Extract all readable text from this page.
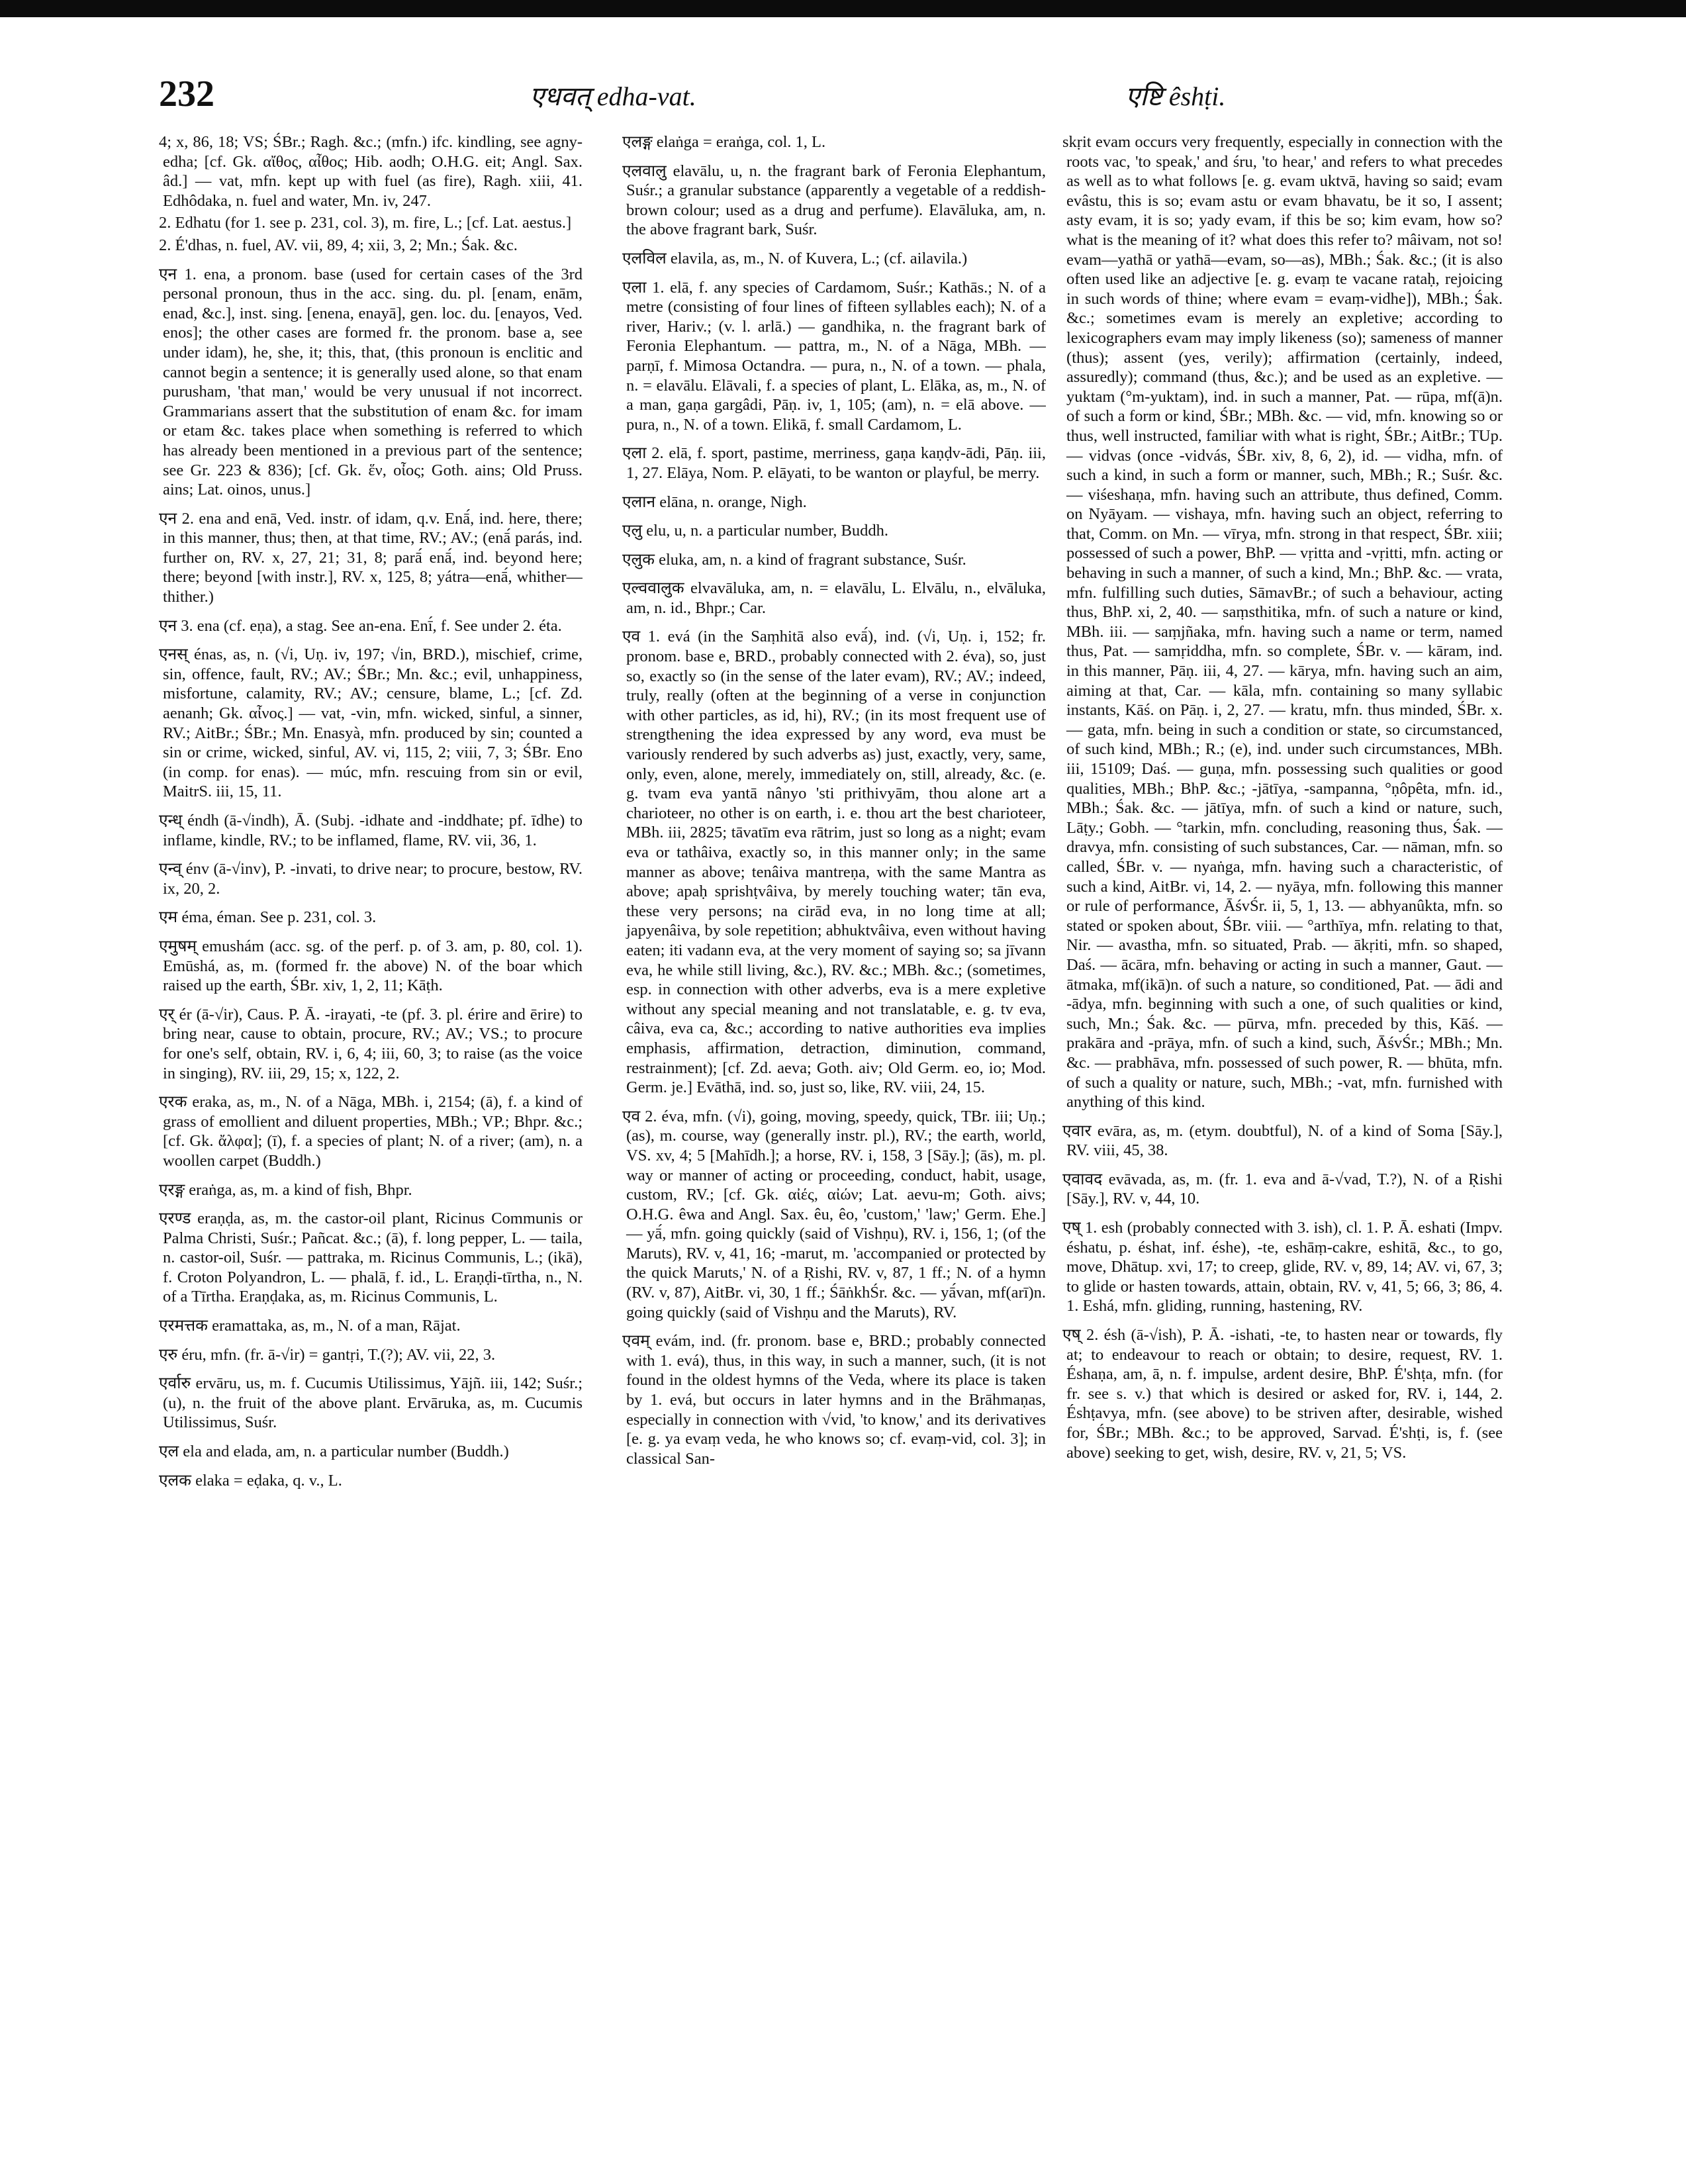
232	एधवत् edha-vat.	एष्टि êshṭi.

4; x, 86, 18; VS; ŚBr.; Ragh. &c.; (mfn.) ifc. kindling, see agny-edha; [cf. Gk. αἴθος, αἶθος; Hib. aodh; O.H.G. eit; Angl. Sax. âd.] — vat, mfn. kept up with fuel (as fire), Ragh. xiii, 41. Edhôdaka, n. fuel and water, Mn. iv, 247.

2. Edhatu (for 1. see p. 231, col. 3), m. fire, L.; [cf. Lat. aestus.]

2. É'dhas, n. fuel, AV. vii, 89, 4; xii, 3, 2; Mn.; Śak. &c.

एन 1. ena, a pronom. base (used for certain cases of the 3rd personal pronoun, thus in the acc. sing. du. pl. [enam, enām, enad, &c.], inst. sing. [enena, enayā], gen. loc. du. [enayos, Ved. enos]; the other cases are formed fr. the pronom. base a, see under idam), he, she, it; this, that, (this pronoun is enclitic and cannot begin a sentence; it is generally used alone, so that enam purusham, 'that man,' would be very unusual if not incorrect. Grammarians assert that the substitution of enam &c. for imam or etam &c. takes place when something is referred to which has already been mentioned in a previous part of the sentence; see Gr. 223 & 836); [cf. Gk. ἕν, οἶος; Goth. ains; Old Pruss. ains; Lat. oinos, unus.]

एन 2. ena and enā, Ved. instr. of idam, q.v. Enā́, ind. here, there; in this manner, thus; then, at that time, RV.; AV.; (enā́ parás, ind. further on, RV. x, 27, 21; 31, 8; parā́ enā́, ind. beyond here; there; beyond [with instr.], RV. x, 125, 8; yátra—enā́, whither—thither.)

एन 3. ena (cf. eṇa), a stag. See an-ena. Enī́, f. See under 2. éta.

एनस् énas, as, n. (√i, Uṇ. iv, 197; √in, BRD.), mischief, crime, sin, offence, fault, RV.; AV.; ŚBr.; Mn. &c.; evil, unhappiness, misfortune, calamity, RV.; AV.; censure, blame, L.; [cf. Zd. aenanh; Gk. αἶνος.] — vat, -vin, mfn. wicked, sinful, a sinner, RV.; AitBr.; ŚBr.; Mn. Enasyà, mfn. produced by sin; counted a sin or crime, wicked, sinful, AV. vi, 115, 2; viii, 7, 3; ŚBr. Eno (in comp. for enas). — múc, mfn. rescuing from sin or evil, MaitrS. iii, 15, 11.

एन्ध् éndh (ā-√indh), Ā. (Subj. -idhate and -inddhate; pf. īdhe) to inflame, kindle, RV.; to be inflamed, flame, RV. vii, 36, 1.

एन्व् énv (ā-√inv), P. -invati, to drive near; to procure, bestow, RV. ix, 20, 2.

एम éma, éman. See p. 231, col. 3.

एमुषम् emushám (acc. sg. of the perf. p. of 3. am, p. 80, col. 1). Emūshá, as, m. (formed fr. the above) N. of the boar which raised up the earth, ŚBr. xiv, 1, 2, 11; Kāṭh.

एर् ér (ā-√ir), Caus. P. Ā. -irayati, -te (pf. 3. pl. érire and ērire) to bring near, cause to obtain, procure, RV.; AV.; VS.; to procure for one's self, obtain, RV. i, 6, 4; iii, 60, 3; to raise (as the voice in singing), RV. iii, 29, 15; x, 122, 2.

एरक eraka, as, m., N. of a Nāga, MBh. i, 2154; (ā), f. a kind of grass of emollient and diluent properties, MBh.; VP.; Bhpr. &c.; [cf. Gk. ἄλφα]; (ī), f. a species of plant; N. of a river; (am), n. a woollen carpet (Buddh.)

एरङ्ग eraṅga, as, m. a kind of fish, Bhpr.

एरण्ड eraṇḍa, as, m. the castor-oil plant, Ricinus Communis or Palma Christi, Suśr.; Pañcat. &c.; (ā), f. long pepper, L. — taila, n. castor-oil, Suśr. — pattraka, m. Ricinus Communis, L.; (ikā), f. Croton Polyandron, L. — phalā, f. id., L. Eraṇḍi-tīrtha, n., N. of a Tīrtha. Eraṇḍaka, as, m. Ricinus Communis, L.

एरमत्तक eramattaka, as, m., N. of a man, Rājat.

एरु éru, mfn. (fr. ā-√ir) = gantṛi, T.(?); AV. vii, 22, 3.

एर्वारु ervāru, us, m. f. Cucumis Utilissimus, Yājñ. iii, 142; Suśr.; (u), n. the fruit of the above plant. Ervāruka, as, m. Cucumis Utilissimus, Suśr.

एल ela and elada, am, n. a particular number (Buddh.)

एलक elaka = eḍaka, q. v., L.

एलङ्ग elaṅga = eraṅga, col. 1, L.

एलवालु elavālu, u, n. the fragrant bark of Feronia Elephantum, Suśr.; a granular substance (apparently a vegetable of a reddish-brown colour; used as a drug and perfume). Elavāluka, am, n. the above fragrant bark, Suśr.

एलविल elavila, as, m., N. of Kuvera, L.; (cf. ailavila.)

एला 1. elā, f. any species of Cardamom, Suśr.; Kathās.; N. of a metre (consisting of four lines of fifteen syllables each); N. of a river, Hariv.; (v. l. arlā.) — gandhika, n. the fragrant bark of Feronia Elephantum. — pattra, m., N. of a Nāga, MBh. — parṇī, f. Mimosa Octandra. — pura, n., N. of a town. — phala, n. = elavālu. Elāvali, f. a species of plant, L. Elāka, as, m., N. of a man, gaṇa gargâdi, Pāṇ. iv, 1, 105; (am), n. = elā above. — pura, n., N. of a town. Elikā, f. small Cardamom, L.

एला 2. elā, f. sport, pastime, merriness, gaṇa kaṇḍv-ādi, Pāṇ. iii, 1, 27. Elāya, Nom. P. elāyati, to be wanton or playful, be merry.

एलान elāna, n. orange, Nigh.

एलु elu, u, n. a particular number, Buddh.

एलुक eluka, am, n. a kind of fragrant substance, Suśr.

एल्ववालुक elvavāluka, am, n. = elavālu, L. Elvālu, n., elvāluka, am, n. id., Bhpr.; Car.

एव 1. evá (in the Saṃhitā also evā́), ind. (√i, Uṇ. i, 152; fr. pronom. base e, BRD., probably connected with 2. éva), so, just so, exactly so (in the sense of the later evam), RV.; AV.; indeed, truly, really (often at the beginning of a verse in conjunction with other particles, as id, hi), RV.; (in its most frequent use of strengthening the idea expressed by any word, eva must be variously rendered by such adverbs as) just, exactly, very, same, only, even, alone, merely, immediately on, still, already, &c. (e. g. tvam eva yantā nânyo 'sti prithivyām, thou alone art a charioteer, no other is on earth, i. e. thou art the best charioteer, MBh. iii, 2825; tāvatīm eva rātrim, just so long as a night; evam eva or tathâiva, exactly so, in this manner only; in the same manner as above; tenâiva mantreṇa, with the same Mantra as above; apaḥ sprishṭvâiva, by merely touching water; tān eva, these very persons; na cirād eva, in no long time at all; japyenâiva, by sole repetition; abhuktvâiva, even without having eaten; iti vadann eva, at the very moment of saying so; sa jīvann eva, he while still living, &c.), RV. &c.; MBh. &c.; (sometimes, esp. in connection with other adverbs, eva is a mere expletive without any special meaning and not translatable, e. g. tv eva, câiva, eva ca, &c.; according to native authorities eva implies emphasis, affirmation, detraction, diminution, command, restrainment); [cf. Zd. aeva; Goth. aiv; Old Germ. eo, io; Mod. Germ. je.] Evāthā, ind. so, just so, like, RV. viii, 24, 15.

एव 2. éva, mfn. (√i), going, moving, speedy, quick, TBr. iii; Uṇ.; (as), m. course, way (generally instr. pl.), RV.; the earth, world, VS. xv, 4; 5 [Mahīdh.]; a horse, RV. i, 158, 3 [Sāy.]; (ās), m. pl. way or manner of acting or proceeding, conduct, habit, usage, custom, RV.; [cf. Gk. αἰές, αἰών; Lat. aevu-m; Goth. aivs; O.H.G. êwa and Angl. Sax. êu, êo, 'custom,' 'law;' Germ. Ehe.] — yā́, mfn. going quickly (said of Vishṇu), RV. i, 156, 1; (of the Maruts), RV. v, 41, 16; -marut, m. 'accompanied or protected by the quick Maruts,' N. of a Ṛishi, RV. v, 87, 1 ff.; N. of a hymn (RV. v, 87), AitBr. vi, 30, 1 ff.; ŚāṅkhŚr. &c. — yā́van, mf(arī)n. going quickly (said of Vishṇu and the Maruts), RV.

एवम् evám, ind. (fr. pronom. base e, BRD.; probably connected with 1. evá), thus, in this way, in such a manner, such, (it is not found in the oldest hymns of the Veda, where its place is taken by 1. evá, but occurs in later hymns and in the Brāhmaṇas, especially in connection with √vid, 'to know,' and its derivatives [e. g. ya evaṃ veda, he who knows so; cf. evaṃ-vid, col. 3]; in classical San-

skṛit evam occurs very frequently, especially in connection with the roots vac, 'to speak,' and śru, 'to hear,' and refers to what precedes as well as to what follows [e. g. evam uktvā, having so said; evam evâstu, this is so; evam astu or evam bhavatu, be it so, I assent; asty evam, it is so; yady evam, if this be so; kim evam, how so? what is the meaning of it? what does this refer to? mâivam, not so! evam—yathā or yathā—evam, so—as), MBh.; Śak. &c.; (it is also often used like an adjective [e. g. evaṃ te vacane rataḥ, rejoicing in such words of thine; where evam = evaṃ-vidhe]), MBh.; Śak. &c.; sometimes evam is merely an expletive; according to lexicographers evam may imply likeness (so); sameness of manner (thus); assent (yes, verily); affirmation (certainly, indeed, assuredly); command (thus, &c.); and be used as an expletive. — yuktam (°m-yuktam), ind. in such a manner, Pat. — rūpa, mf(ā)n. of such a form or kind, ŚBr.; MBh. &c. — vid, mfn. knowing so or thus, well instructed, familiar with what is right, ŚBr.; AitBr.; TUp. — vidvas (once -vidvás, ŚBr. xiv, 8, 6, 2), id. — vidha, mfn. of such a kind, in such a form or manner, such, MBh.; R.; Suśr. &c. — viśeshaṇa, mfn. having such an attribute, thus defined, Comm. on Nyāyam. — vishaya, mfn. having such an object, referring to that, Comm. on Mn. — vīrya, mfn. strong in that respect, ŚBr. xiii; possessed of such a power, BhP. — vṛitta and -vṛitti, mfn. acting or behaving in such a manner, of such a kind, Mn.; BhP. &c. — vrata, mfn. fulfilling such duties, SāmavBr.; of such a behaviour, acting thus, BhP. xi, 2, 40. — saṃsthitika, mfn. of such a nature or kind, MBh. iii. — saṃjñaka, mfn. having such a name or term, named thus, Pat. — samṛiddha, mfn. so complete, ŚBr. v. — kāram, ind. in this manner, Pāṇ. iii, 4, 27. — kārya, mfn. having such an aim, aiming at that, Car. — kāla, mfn. containing so many syllabic instants, Kāś. on Pāṇ. i, 2, 27. — kratu, mfn. thus minded, ŚBr. x. — gata, mfn. being in such a condition or state, so circumstanced, of such kind, MBh.; R.; (e), ind. under such circumstances, MBh. iii, 15109; Daś. — guṇa, mfn. possessing such qualities or good qualities, MBh.; BhP. &c.; -jātīya, -sampanna, °ṇôpêta, mfn. id., MBh.; Śak. &c. — jātīya, mfn. of such a kind or nature, such, Lāṭy.; Gobh. — °tarkin, mfn. concluding, reasoning thus, Śak. — dravya, mfn. consisting of such substances, Car. — nāman, mfn. so called, ŚBr. v. — nyaṅga, mfn. having such a characteristic, of such a kind, AitBr. vi, 14, 2. — nyāya, mfn. following this manner or rule of performance, ĀśvŚr. ii, 5, 1, 13. — abhyanûkta, mfn. so stated or spoken about, ŚBr. viii. — °arthīya, mfn. relating to that, Nir. — avastha, mfn. so situated, Prab. — ākṛiti, mfn. so shaped, Daś. — ācāra, mfn. behaving or acting in such a manner, Gaut. — ātmaka, mf(ikā)n. of such a nature, so conditioned, Pat. — ādi and -ādya, mfn. beginning with such a one, of such qualities or kind, such, Mn.; Śak. &c. — pūrva, mfn. preceded by this, Kāś. — prakāra and -prāya, mfn. of such a kind, such, ĀśvŚr.; MBh.; Mn. &c. — prabhāva, mfn. possessed of such power, R. — bhūta, mfn. of such a quality or nature, such, MBh.; -vat, mfn. furnished with anything of this kind.

एवार evāra, as, m. (etym. doubtful), N. of a kind of Soma [Sāy.], RV. viii, 45, 38.

एवावद evāvada, as, m. (fr. 1. eva and ā-√vad, T.?), N. of a Ṛishi [Sāy.], RV. v, 44, 10.

एष् 1. esh (probably connected with 3. ish), cl. 1. P. Ā. eshati (Impv. éshatu, p. éshat, inf. éshe), -te, eshāṃ-cakre, eshitā, &c., to go, move, Dhātup. xvi, 17; to creep, glide, RV. v, 89, 14; AV. vi, 67, 3; to glide or hasten towards, attain, obtain, RV. v, 41, 5; 66, 3; 86, 4. 1. Eshá, mfn. gliding, running, hastening, RV.

एष् 2. ésh (ā-√ish), P. Ā. -ishati, -te, to hasten near or towards, fly at; to endeavour to reach or obtain; to desire, request, RV. 1. Éshaṇa, am, ā, n. f. impulse, ardent desire, BhP. É'shṭa, mfn. (for fr. see s. v.) that which is desired or asked for, RV. i, 144, 2. Éshṭavya, mfn. (see above) to be striven after, desirable, wished for, ŚBr.; MBh. &c.; to be approved, Sarvad. É'shṭi, is, f. (see above) seeking to get, wish, desire, RV. v, 21, 5; VS.
